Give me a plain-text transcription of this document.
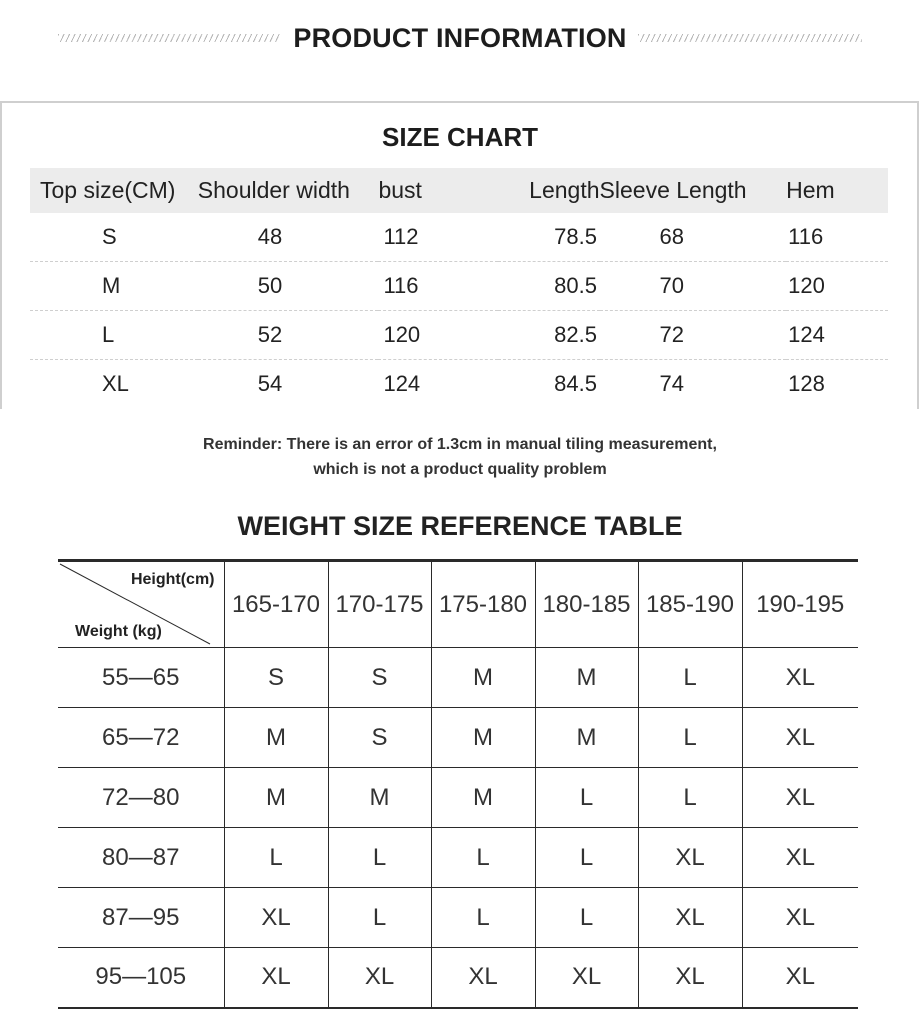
PRODUCT INFORMATION
SIZE CHART
Top size(CM)	Shoulder width	bust	Length	Sleeve Length	Hem
S	48	112	78.5	68	116
M	50	116	80.5	70	120
L	52	120	82.5	72	124
XL	54	124	84.5	74	128
Reminder: There is an error of 1.3cm in manual tiling measurement,
which is not a product quality problem
WEIGHT SIZE REFERENCE TABLE
Height(cm)
Weight (kg)	165-170	170-175	175-180	180-185	185-190	190-195
55—65	S	S	M	M	L	XL
65—72	M	S	M	M	L	XL
72—80	M	M	M	L	L	XL
80—87	L	L	L	L	XL	XL
87—95	XL	L	L	L	XL	XL
95—105	XL	XL	XL	XL	XL	XL
